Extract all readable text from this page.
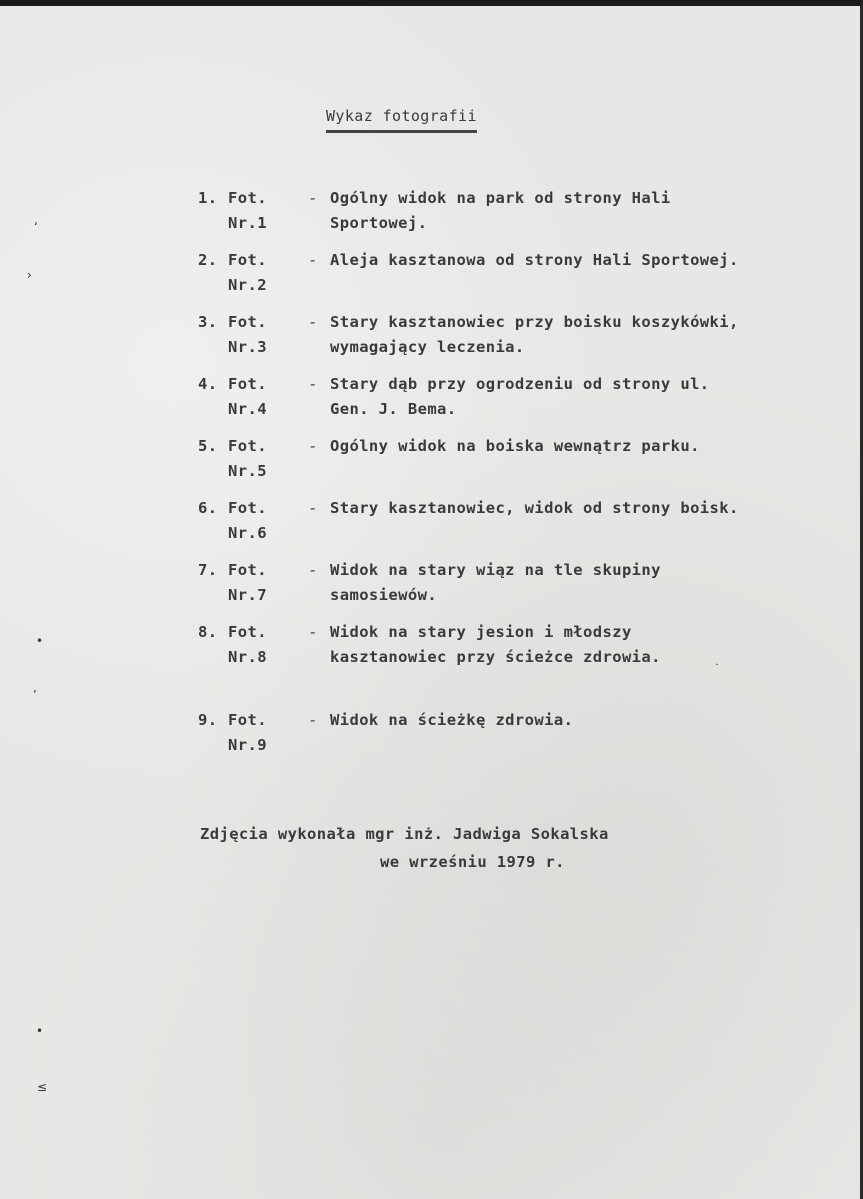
Wykaz fotografii
1. Fot. Nr.1
- Ogólny widok na park od strony Hali Sportowej.
2. Fot. Nr.2
- Aleja kasztanowa od strony Hali Sportowej.
3. Fot. Nr.3
- Stary kasztanowiec przy boisku koszykówki, wymagający leczenia.
4. Fot. Nr.4
- Stary dąb przy ogrodzeniu od strony ul. Gen. J. Bema.
5. Fot. Nr.5
- Ogólny widok na boiska wewnątrz parku.
6. Fot. Nr.6
- Stary kasztanowiec, widok od strony boisk.
7. Fot. Nr.7
- Widok na stary wiąz na tle skupiny samosiewów.
8. Fot. Nr.8
- Widok na stary jesion i młodszy kasztanowiec przy ścieżce zdrowia.
9. Fot. Nr.9
- Widok na ścieżkę zdrowia.
Zdjęcia wykonała mgr inż. Jadwiga Sokalska
we wrześniu 1979 r.
‘
›
•
’
•
≤
˙
